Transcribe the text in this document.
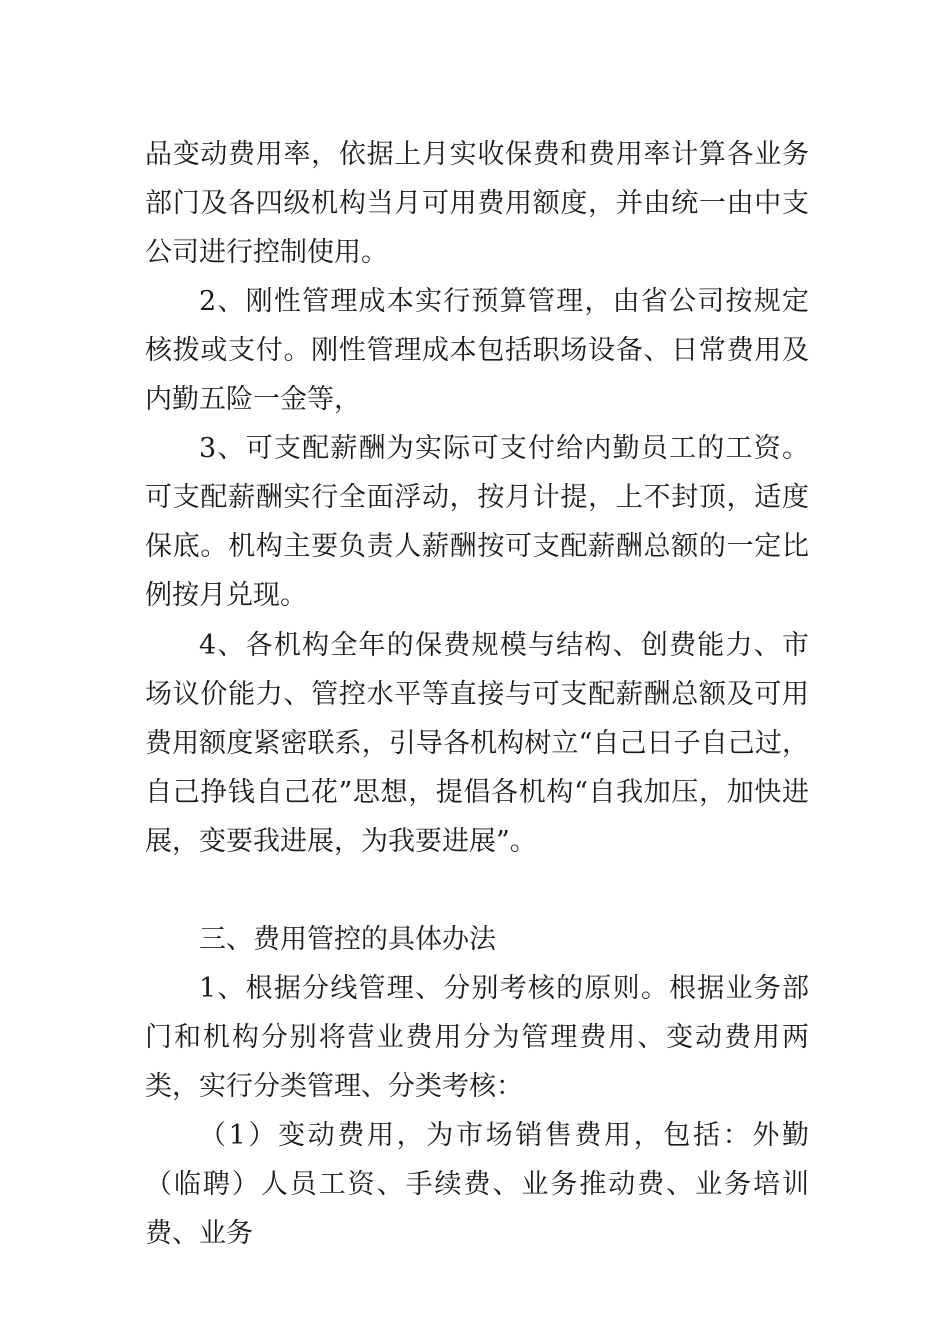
品变动费用率，依据上月实收保费和费用率计算各业务部门及各四级机构当月可用费用额度，并由统一由中支公司进行控制使用。

2、刚性管理成本实行预算管理，由省公司按规定核拨或支付。刚性管理成本包括职场设备、日常费用及内勤五险一金等，

3、可支配薪酬为实际可支付给内勤员工的工资。可支配薪酬实行全面浮动，按月计提，上不封顶，适度保底。机构主要负责人薪酬按可支配薪酬总额的一定比例按月兑现。

4、各机构全年的保费规模与结构、创费能力、市场议价能力、管控水平等直接与可支配薪酬总额及可用费用额度紧密联系，引导各机构树立“自己日子自己过，自己挣钱自己花”思想，提倡各机构“自我加压，加快进展，变要我进展，为我要进展”。

三、费用管控的具体办法

1、根据分线管理、分别考核的原则。根据业务部门和机构分别将营业费用分为管理费用、变动费用两类，实行分类管理、分类考核：

（1）变动费用，为市场销售费用，包括：外勤（临聘）人员工资、手续费、业务推动费、业务培训费、业务
